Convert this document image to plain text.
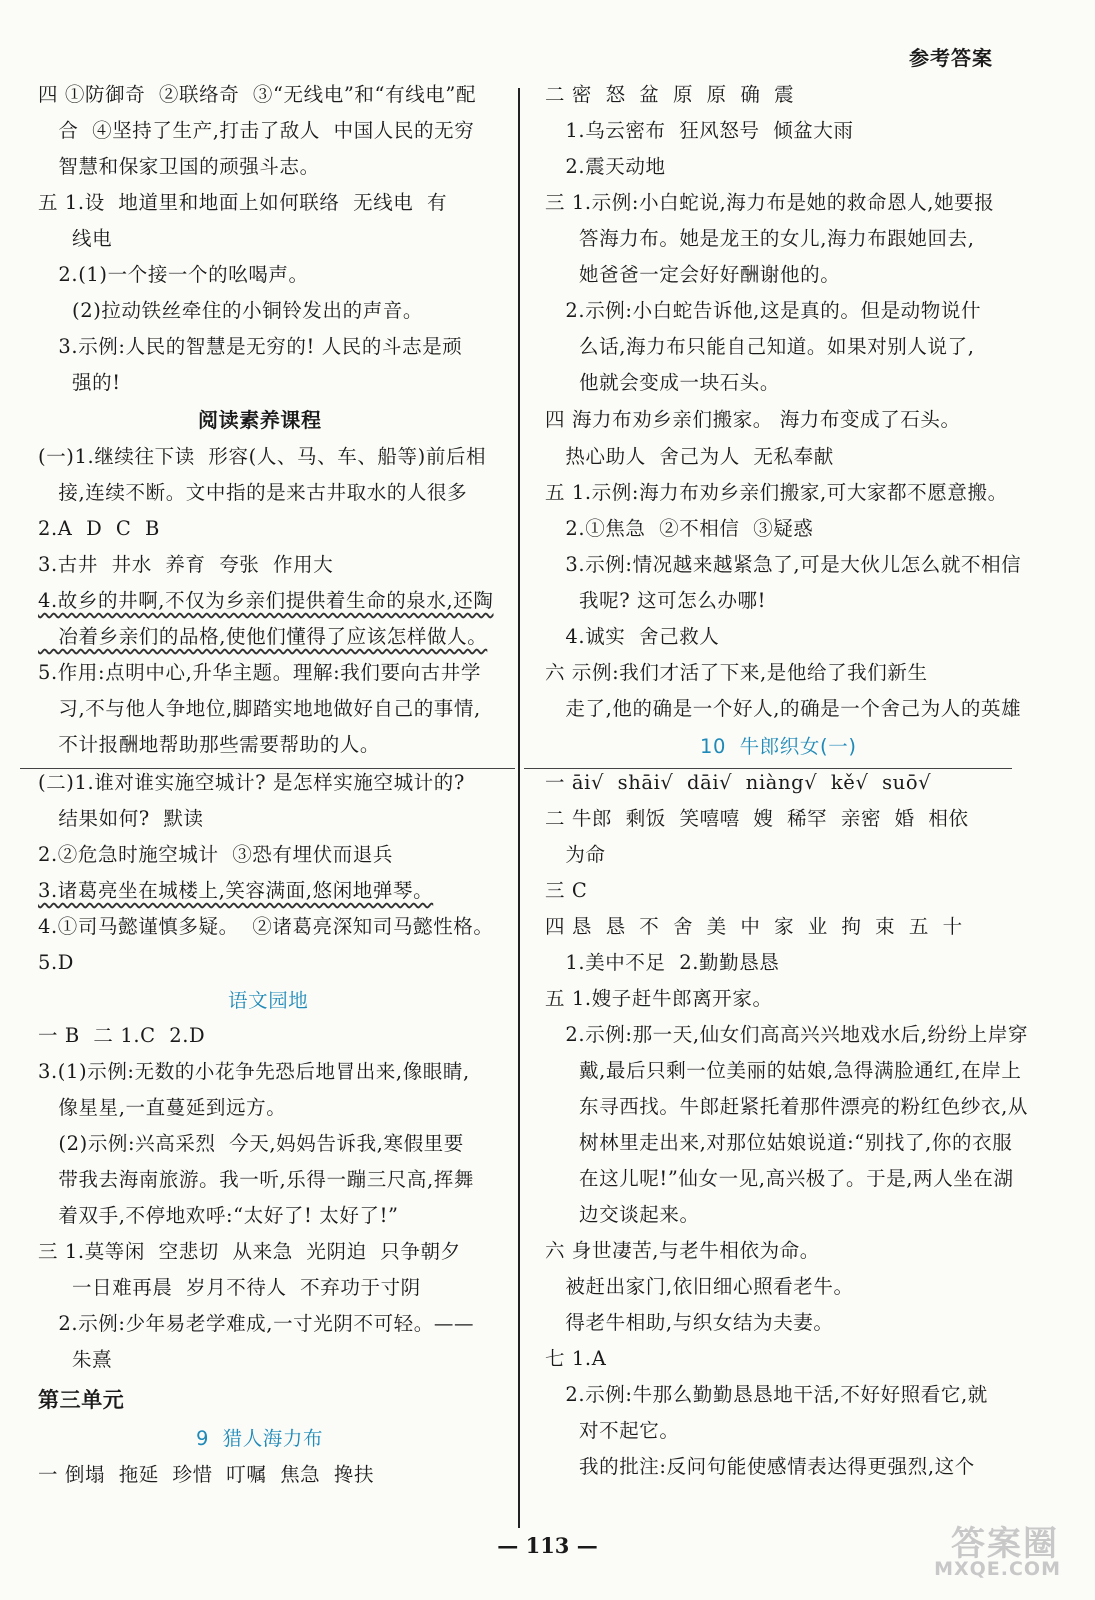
参考答案
四 ①防御奇  ②联络奇  ③“无线电”和“有线电”配
合  ④坚持了生产,打击了敌人  中国人民的无穷
智慧和保家卫国的顽强斗志。
五 1.设  地道里和地面上如何联络  无线电  有
线电
2.(1)一个接一个的吆喝声。
(2)拉动铁丝牵住的小铜铃发出的声音。
3.示例:人民的智慧是无穷的! 人民的斗志是顽
强的!
阅读素养课程
(一)1.继续往下读  形容(人、马、车、船等)前后相
接,连续不断。文中指的是来古井取水的人很多
2.A  D  C  B
3.古井  井水  养育  夸张  作用大
4.故乡的井啊,不仅为乡亲们提供着生命的泉水,还陶
冶着乡亲们的品格,使他们懂得了应该怎样做人。
5.作用:点明中心,升华主题。理解:我们要向古井学
习,不与他人争地位,脚踏实地地做好自己的事情,
不计报酬地帮助那些需要帮助的人。
(二)1.谁对谁实施空城计? 是怎样实施空城计的?
结果如何?  默读
2.②危急时施空城计  ③恐有埋伏而退兵
3.诸葛亮坐在城楼上,笑容满面,悠闲地弹琴。
4.①司马懿谨慎多疑。  ②诸葛亮深知司马懿性格。
5.D
语文园地
一 B  二 1.C  2.D
3.(1)示例:无数的小花争先恐后地冒出来,像眼睛,
像星星,一直蔓延到远方。
(2)示例:兴高采烈  今天,妈妈告诉我,寒假里要
带我去海南旅游。我一听,乐得一蹦三尺高,挥舞
着双手,不停地欢呼:“太好了! 太好了!”
三 1.莫等闲  空悲切  从来急  光阴迫  只争朝夕
一日难再晨  岁月不待人  不弃功于寸阴
2.示例:少年易老学难成,一寸光阴不可轻。——
朱熹
第三单元
9  猎人海力布
一 倒塌  拖延  珍惜  叮嘱  焦急  搀扶
二 密  怒  盆  原  原  确  震
1.乌云密布  狂风怒号  倾盆大雨
2.震天动地
三 1.示例:小白蛇说,海力布是她的救命恩人,她要报
答海力布。她是龙王的女儿,海力布跟她回去,
她爸爸一定会好好酬谢他的。
2.示例:小白蛇告诉他,这是真的。但是动物说什
么话,海力布只能自己知道。如果对别人说了,
他就会变成一块石头。
四 海力布劝乡亲们搬家。 海力布变成了石头。
热心助人  舍己为人  无私奉献
五 1.示例:海力布劝乡亲们搬家,可大家都不愿意搬。
2.①焦急  ②不相信  ③疑惑
3.示例:情况越来越紧急了,可是大伙儿怎么就不相信
我呢? 这可怎么办哪!
4.诚实  舍己救人
六 示例:我们才活了下来,是他给了我们新生
走了,他的确是一个好人,的确是一个舍己为人的英雄
10  牛郎织女(一)
一 āi√  shāi√  dāi√  niàng√  kě√  suō√
二 牛郎  剩饭  笑嘻嘻  嫂  稀罕  亲密  婚  相依
为命
三 C
四 恳  恳  不  舍  美  中  家  业  拘  束  五  十
1.美中不足  2.勤勤恳恳
五 1.嫂子赶牛郎离开家。
2.示例:那一天,仙女们高高兴兴地戏水后,纷纷上岸穿
戴,最后只剩一位美丽的姑娘,急得满脸通红,在岸上
东寻西找。牛郎赶紧托着那件漂亮的粉红色纱衣,从
树林里走出来,对那位姑娘说道:“别找了,你的衣服
在这儿呢!”仙女一见,高兴极了。于是,两人坐在湖
边交谈起来。
六 身世凄苦,与老牛相依为命。
被赶出家门,依旧细心照看老牛。
得老牛相助,与织女结为夫妻。
七 1.A
2.示例:牛那么勤勤恳恳地干活,不好好照看它,就
对不起它。
我的批注:反问句能使感情表达得更强烈,这个
— 113 —	答案圈
MXQE.COM
